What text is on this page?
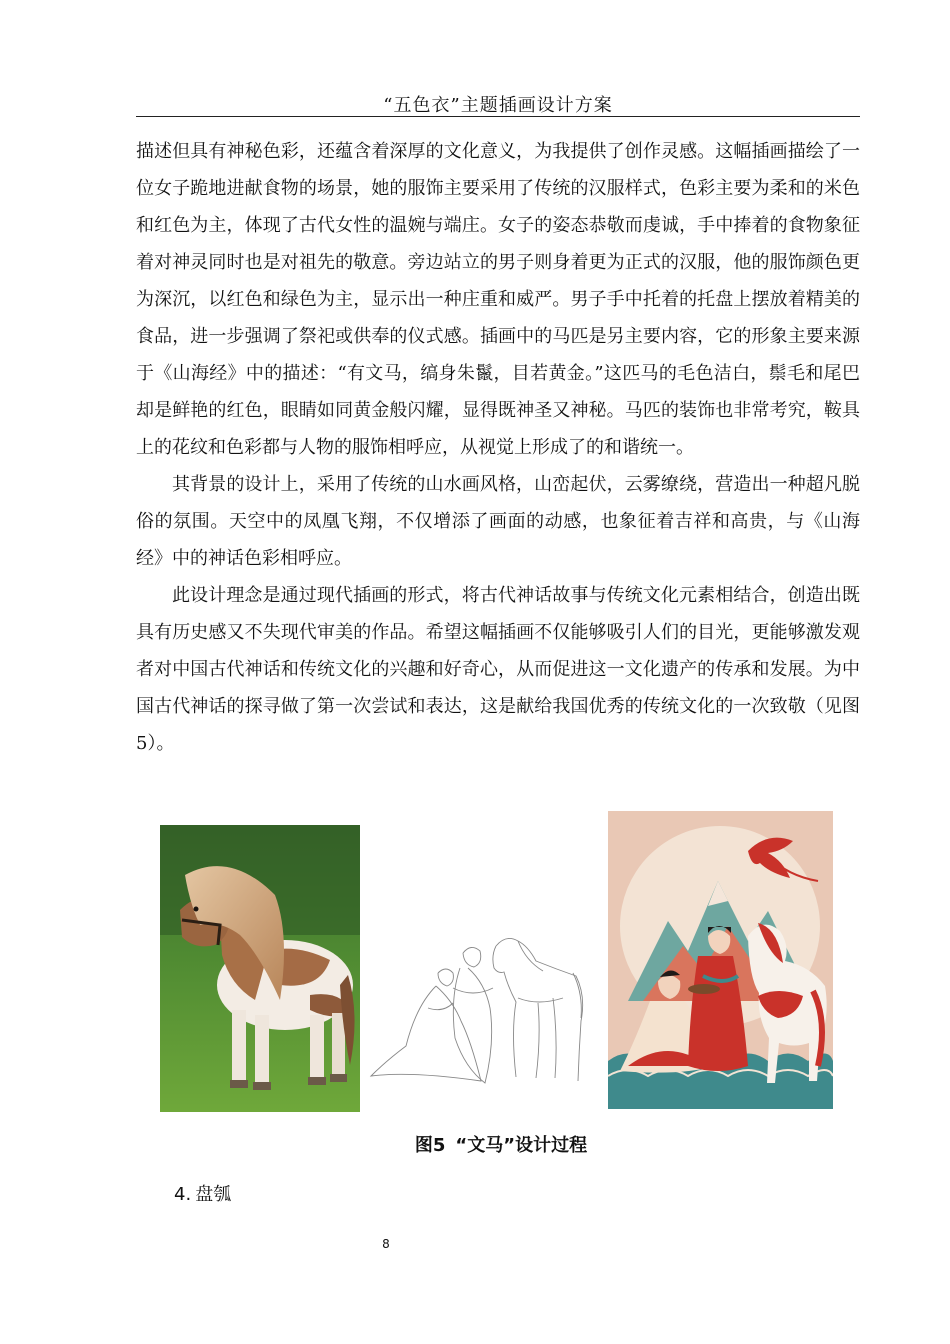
“五色衣”主题插画设计方案

描述但具有神秘色彩，还蕴含着深厚的文化意义，为我提供了创作灵感。这幅插画描绘了一位女子跪地进献食物的场景，她的服饰主要采用了传统的汉服样式，色彩主要为柔和的米色和红色为主，体现了古代女性的温婉与端庄。女子的姿态恭敬而虔诚，手中捧着的食物象征着对神灵同时也是对祖先的敬意。旁边站立的男子则身着更为正式的汉服，他的服饰颜色更为深沉，以红色和绿色为主，显示出一种庄重和威严。男子手中托着的托盘上摆放着精美的食品，进一步强调了祭祀或供奉的仪式感。插画中的马匹是另主要内容，它的形象主要来源于《山海经》中的描述：“有文马，缟身朱鬣，目若黄金。”这匹马的毛色洁白，鬃毛和尾巴却是鲜艳的红色，眼睛如同黄金般闪耀，显得既神圣又神秘。马匹的装饰也非常考究，鞍具上的花纹和色彩都与人物的服饰相呼应，从视觉上形成了的和谐统一。

其背景的设计上，采用了传统的山水画风格，山峦起伏，云雾缭绕，营造出一种超凡脱俗的氛围。天空中的凤凰飞翔，不仅增添了画面的动感，也象征着吉祥和高贵，与《山海经》中的神话色彩相呼应。

此设计理念是通过现代插画的形式，将古代神话故事与传统文化元素相结合，创造出既具有历史感又不失现代审美的作品。希望这幅插画不仅能够吸引人们的目光，更能够激发观者对中国古代神话和传统文化的兴趣和好奇心，从而促进这一文化遗产的传承和发展。为中国古代神话的探寻做了第一次尝试和表达，这是献给我国优秀的传统文化的一次致敬（见图5）。

图5 “文马”设计过程
4. 盘瓠
8
